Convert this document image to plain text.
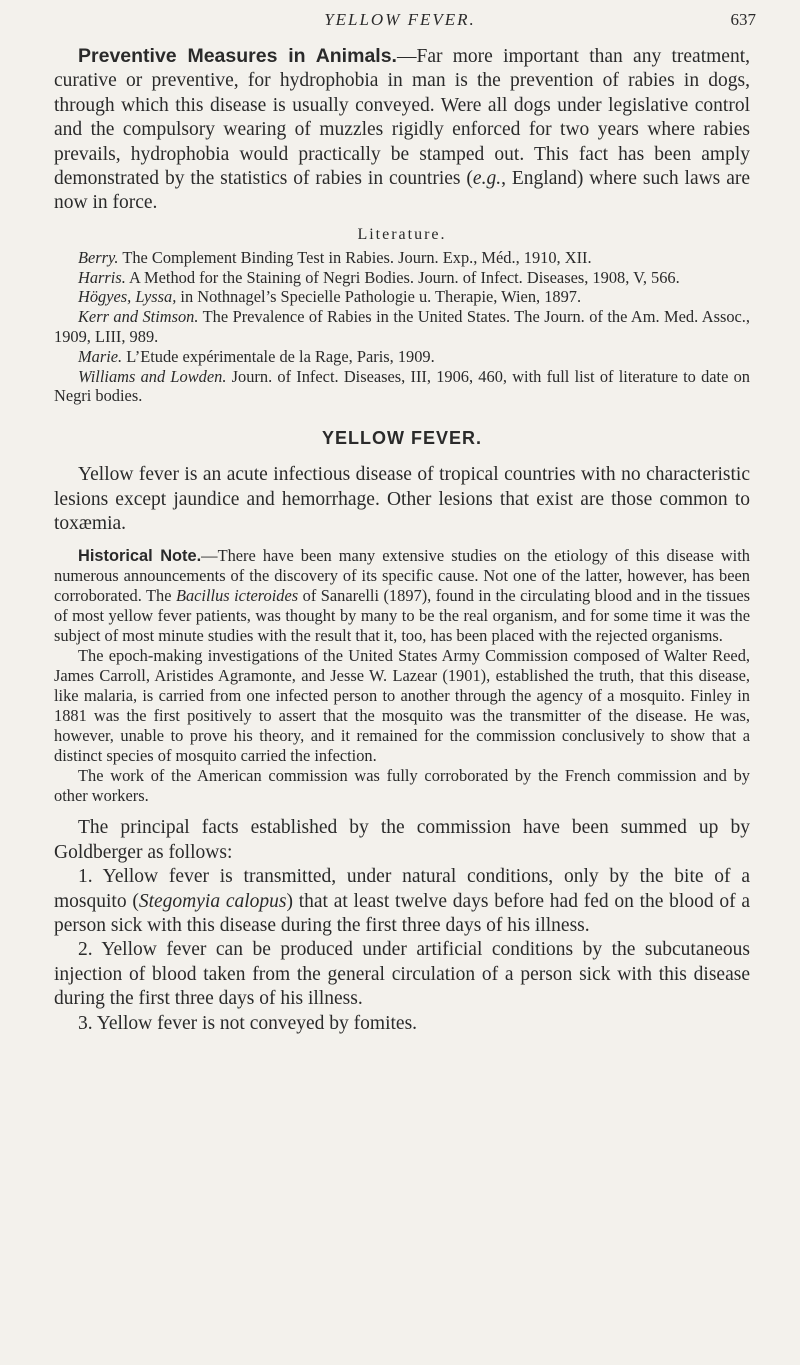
YELLOW FEVER.	637

Preventive Measures in Animals.—Far more important than any treatment, curative or preventive, for hydrophobia in man is the prevention of rabies in dogs, through which this disease is usually conveyed. Were all dogs under legislative control and the compulsory wearing of muzzles rigidly enforced for two years where rabies prevails, hydrophobia would practically be stamped out. This fact has been amply demonstrated by the statistics of rabies in countries (e.g., England) where such laws are now in force.

Literature.

Berry. The Complement Binding Test in Rabies. Journ. Exp., Méd., 1910, XII.

Harris. A Method for the Staining of Negri Bodies. Journ. of Infect. Diseases, 1908, V, 566.

Högyes, Lyssa, in Nothnagel’s Specielle Pathologie u. Therapie, Wien, 1897.

Kerr and Stimson. The Prevalence of Rabies in the United States. The Journ. of the Am. Med. Assoc., 1909, LIII, 989.

Marie. L’Etude expérimentale de la Rage, Paris, 1909.

Williams and Lowden. Journ. of Infect. Diseases, III, 1906, 460, with full list of literature to date on Negri bodies.

YELLOW FEVER.

Yellow fever is an acute infectious disease of tropical countries with no characteristic lesions except jaundice and hemorrhage. Other lesions that exist are those common to toxæmia.

Historical Note.—There have been many extensive studies on the etiology of this disease with numerous announcements of the discovery of its specific cause. Not one of the latter, however, has been corroborated. The Bacillus icteroides of Sanarelli (1897), found in the circulating blood and in the tissues of most yellow fever patients, was thought by many to be the real organism, and for some time it was the subject of most minute studies with the result that it, too, has been placed with the rejected organisms.

The epoch-making investigations of the United States Army Commission composed of Walter Reed, James Carroll, Aristides Agramonte, and Jesse W. Lazear (1901), established the truth, that this disease, like malaria, is carried from one infected person to another through the agency of a mosquito. Finley in 1881 was the first positively to assert that the mosquito was the transmitter of the disease. He was, however, unable to prove his theory, and it remained for the commission conclusively to show that a distinct species of mosquito carried the infection.

The work of the American commission was fully corroborated by the French commission and by other workers.

The principal facts established by the commission have been summed up by Goldberger as follows:

1. Yellow fever is transmitted, under natural conditions, only by the bite of a mosquito (Stegomyia calopus) that at least twelve days before had fed on the blood of a person sick with this disease during the first three days of his illness.

2. Yellow fever can be produced under artificial conditions by the subcutaneous injection of blood taken from the general circulation of a person sick with this disease during the first three days of his illness.

3. Yellow fever is not conveyed by fomites.
